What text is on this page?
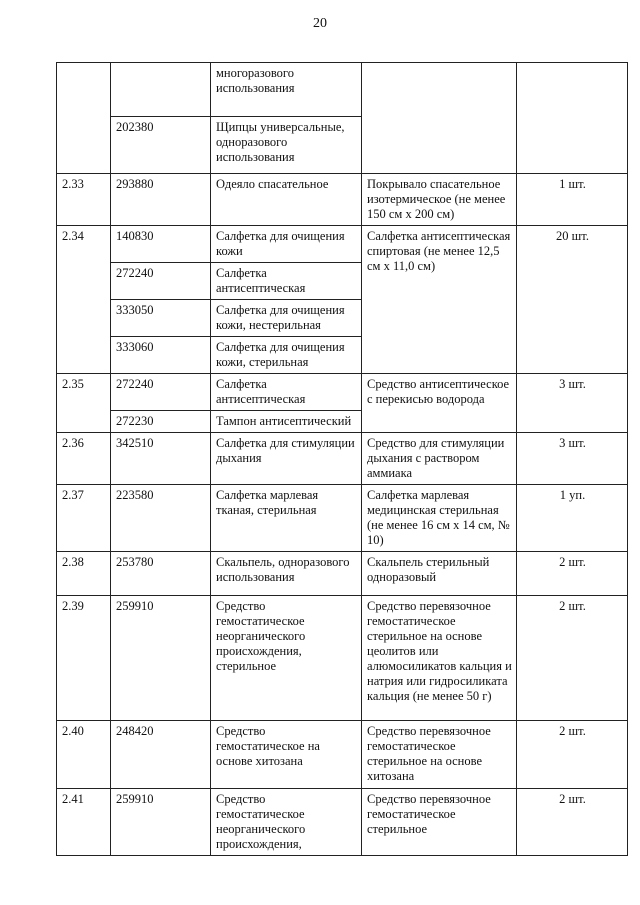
20
		многоразового использования		
	202380	Щипцы универсальные, одноразового использования		
2.33	293880	Одеяло спасательное	Покрывало спасательное изотермическое (не менее 150 см х 200 см)	1 шт.
2.34	140830	Салфетка для очищения кожи	Салфетка антисептическая спиртовая (не менее 12,5 см х 11,0 см)	20 шт.
	272240	Салфетка антисептическая		
	333050	Салфетка для очищения кожи, нестерильная		
	333060	Салфетка для очищения кожи, стерильная		
2.35	272240	Салфетка антисептическая	Средство антисептическое с перекисью водорода	3 шт.
	272230	Тампон антисептический		
2.36	342510	Салфетка для стимуляции дыхания	Средство для стимуляции дыхания с раствором аммиака	3 шт.
2.37	223580	Салфетка марлевая тканая, стерильная	Салфетка марлевая медицинская стерильная (не менее 16 см х 14 см, № 10)	1 уп.
2.38	253780	Скальпель, одноразового использования	Скальпель стерильный одноразовый	2 шт.
2.39	259910	Средство гемостатическое неорганического происхождения, стерильное	Средство перевязочное гемостатическое стерильное на основе цеолитов или алюмосиликатов кальция и натрия или гидросиликата кальция (не менее 50 г)	2 шт.
2.40	248420	Средство гемостатическое на основе хитозана	Средство перевязочное гемостатическое стерильное на основе хитозана	2 шт.
2.41	259910	Средство гемостатическое неорганического происхождения,	Средство перевязочное гемостатическое стерильное	2 шт.
